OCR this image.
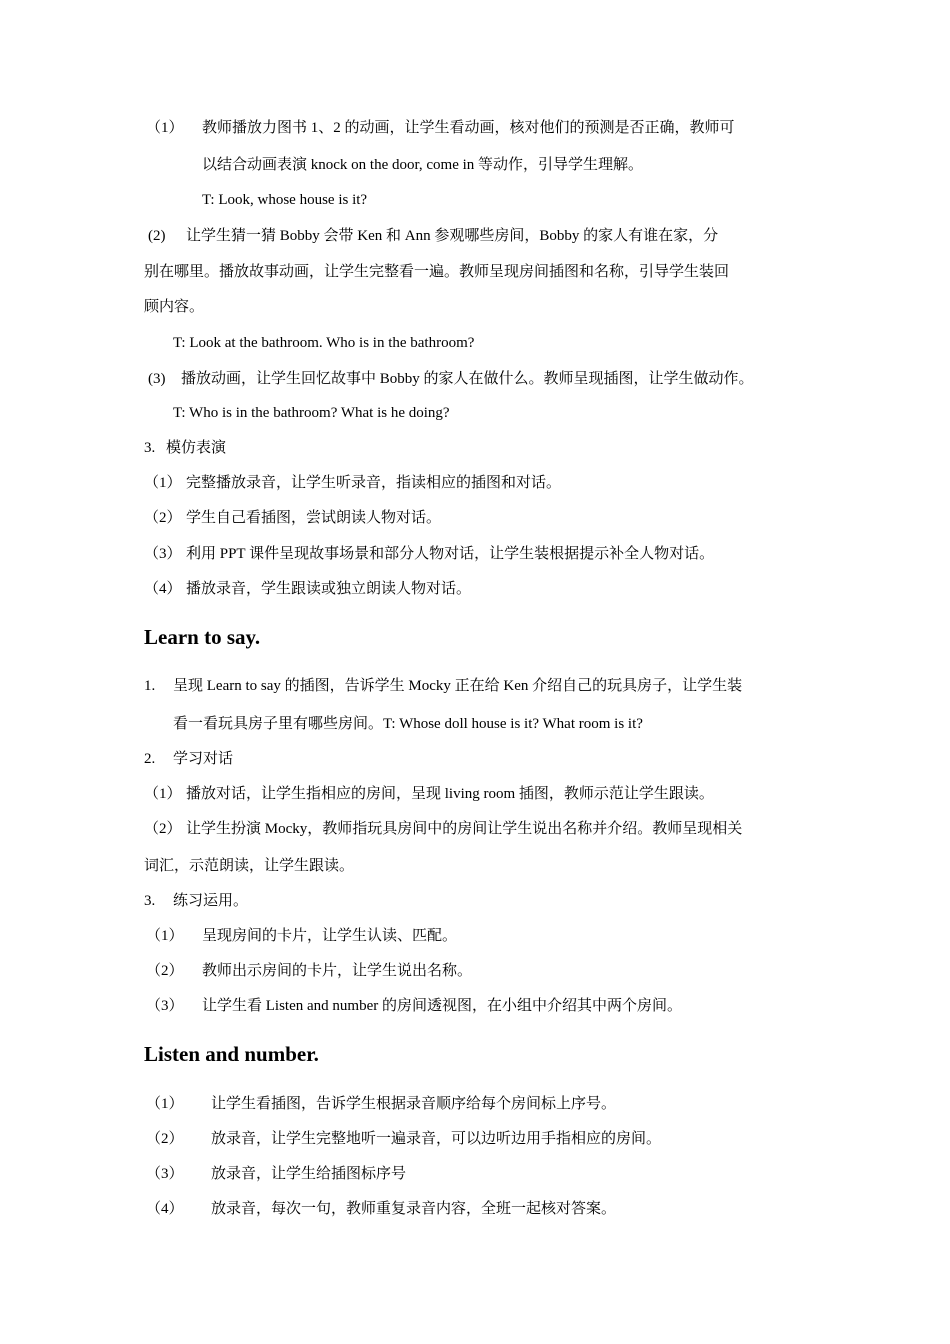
（1） 教师播放力图书 1、2 的动画，让学生看动画，核对他们的预测是否正确，教师可
以结合动画表演 knock on the door, come in 等动作，引导学生理解。
T: Look, whose house is it?
(2) 让学生猜一猜 Bobby 会带 Ken 和 Ann 参观哪些房间，Bobby 的家人有谁在家，分
别在哪里。播放故事动画，让学生完整看一遍。教师呈现房间插图和名称，引导学生装回
顾内容。
T: Look at the bathroom. Who is in the bathroom?
(3) 播放动画，让学生回忆故事中 Bobby 的家人在做什么。教师呈现插图，让学生做动作。
T: Who is in the bathroom? What is he doing?
3. 模仿表演
（1） 完整播放录音，让学生听录音，指读相应的插图和对话。
（2） 学生自己看插图，尝试朗读人物对话。
（3） 利用 PPT 课件呈现故事场景和部分人物对话，让学生装根据提示补全人物对话。
（4） 播放录音，学生跟读或独立朗读人物对话。
Learn to say.
1. 呈现 Learn to say 的插图，告诉学生 Mocky 正在给 Ken 介绍自己的玩具房子，让学生装
看一看玩具房子里有哪些房间。T: Whose doll house is it? What room is it?
2. 学习对话
（1） 播放对话，让学生指相应的房间，呈现 living room 插图，教师示范让学生跟读。
（2） 让学生扮演 Mocky，教师指玩具房间中的房间让学生说出名称并介绍。教师呈现相关
词汇，示范朗读，让学生跟读。
3. 练习运用。
（1） 呈现房间的卡片，让学生认读、匹配。
（2） 教师出示房间的卡片，让学生说出名称。
（3） 让学生看 Listen and number 的房间透视图，在小组中介绍其中两个房间。
Listen and number.
（1） 让学生看插图，告诉学生根据录音顺序给每个房间标上序号。
（2） 放录音，让学生完整地听一遍录音，可以边听边用手指相应的房间。
（3） 放录音，让学生给插图标序号
（4） 放录音，每次一句，教师重复录音内容，全班一起核对答案。
